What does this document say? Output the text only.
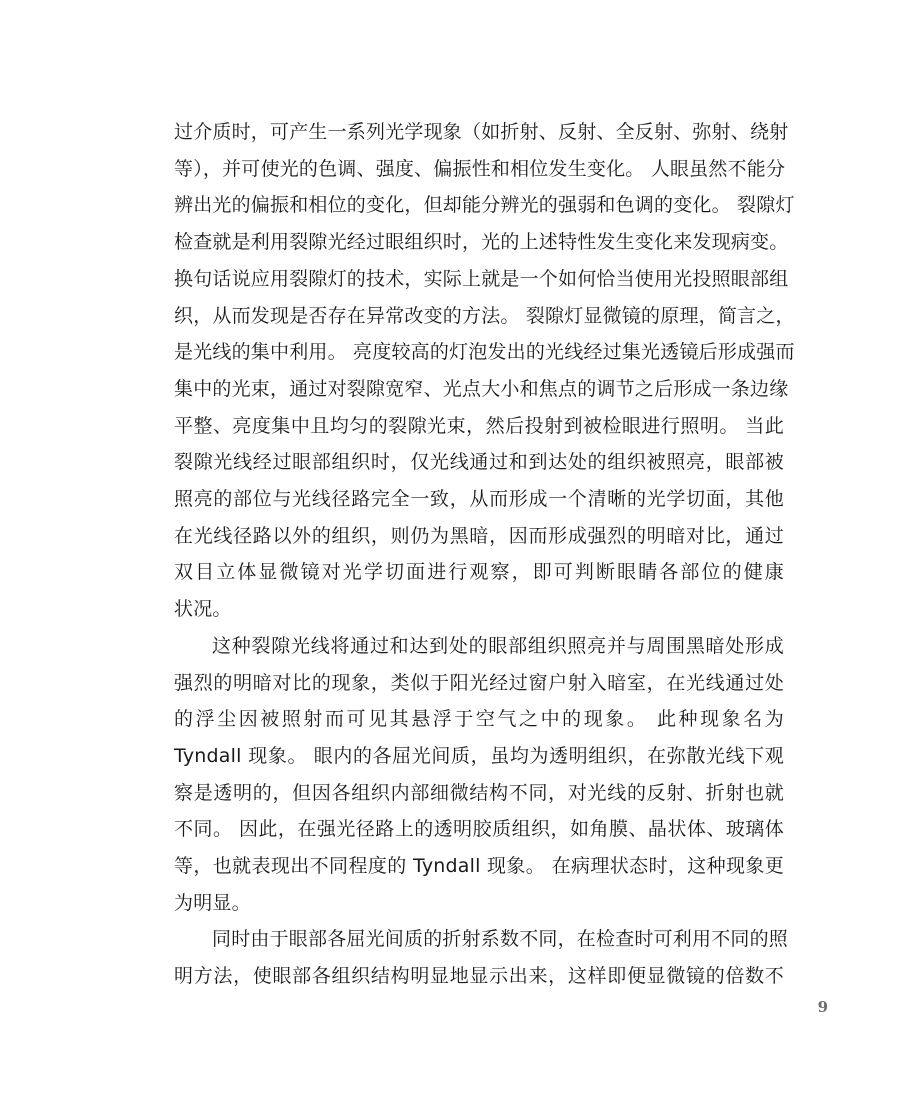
过介质时，可产生一系列光学现象（如折射、反射、全反射、弥射、绕射
等），并可使光的色调、强度、偏振性和相位发生变化。 人眼虽然不能分
辨出光的偏振和相位的变化，但却能分辨光的强弱和色调的变化。 裂隙灯
检查就是利用裂隙光经过眼组织时，光的上述特性发生变化来发现病变。
换句话说应用裂隙灯的技术，实际上就是一个如何恰当使用光投照眼部组
织，从而发现是否存在异常改变的方法。 裂隙灯显微镜的原理，简言之，
是光线的集中利用。 亮度较高的灯泡发出的光线经过集光透镜后形成强而
集中的光束，通过对裂隙宽窄、光点大小和焦点的调节之后形成一条边缘
平整、亮度集中且均匀的裂隙光束，然后投射到被检眼进行照明。 当此
裂隙光线经过眼部组织时，仅光线通过和到达处的组织被照亮，眼部被
照亮的部位与光线径路完全一致，从而形成一个清晰的光学切面，其他
在光线径路以外的组织，则仍为黑暗，因而形成强烈的明暗对比，通过
双目立体显微镜对光学切面进行观察，即可判断眼睛各部位的健康
状况。

这种裂隙光线将通过和达到处的眼部组织照亮并与周围黑暗处形成
强烈的明暗对比的现象，类似于阳光经过窗户射入暗室，在光线通过处
的浮尘因被照射而可见其悬浮于空气之中的现象。 此种现象名为
Tyndall 现象。 眼内的各屈光间质，虽均为透明组织，在弥散光线下观
察是透明的，但因各组织内部细微结构不同，对光线的反射、折射也就
不同。 因此，在强光径路上的透明胶质组织，如角膜、晶状体、玻璃体
等，也就表现出不同程度的 Tyndall 现象。 在病理状态时，这种现象更
为明显。

同时由于眼部各屈光间质的折射系数不同，在检查时可利用不同的照
明方法，使眼部各组织结构明显地显示出来，这样即便显微镜的倍数不

9
